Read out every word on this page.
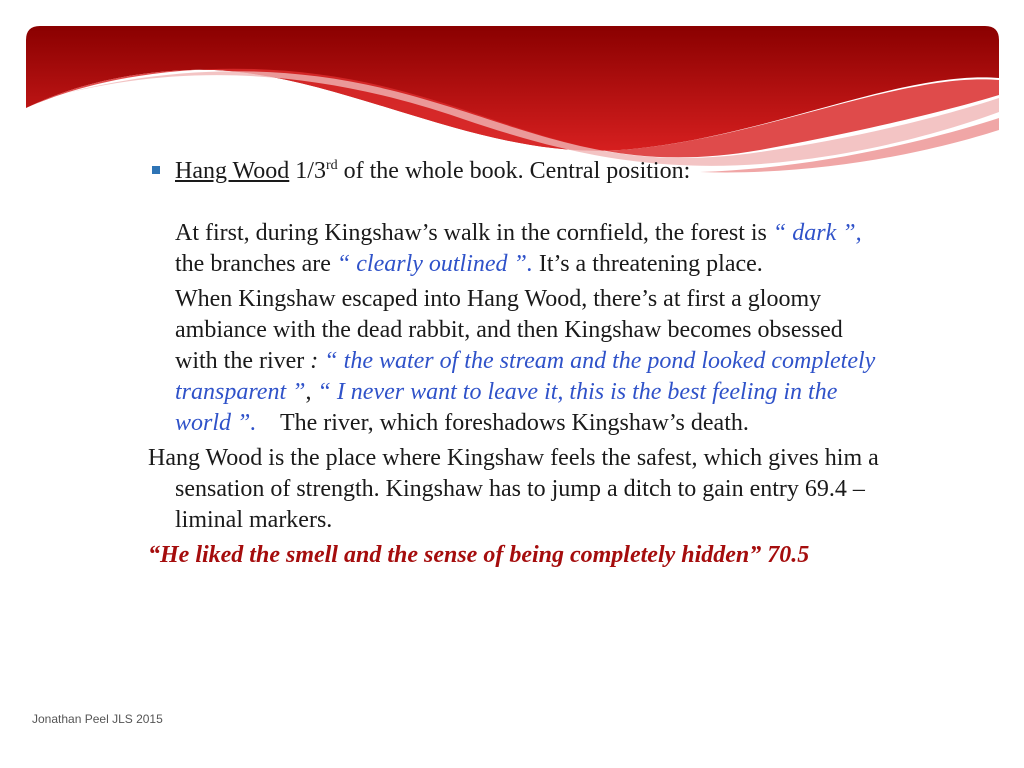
Hang Wood 1/3rd of the whole book. Central position:
At first, during Kingshaw’s walk in the cornfield, the forest is “ dark ”, the branches are “ clearly outlined ”. It’s a threatening place.
When Kingshaw escaped into Hang Wood, there’s at first a gloomy ambiance with the dead rabbit, and then Kingshaw becomes obsessed with the river : “ the water of the stream and the pond looked completely transparent ”, “ I never want to leave it, this is the best feeling in the world ”.    The river, which foreshadows Kingshaw’s death.
Hang Wood is the place where Kingshaw feels the safest, which gives him a sensation of strength. Kingshaw has to jump a ditch to gain entry 69.4 – liminal markers.
“He liked the smell and the sense of being completely hidden” 70.5
Jonathan Peel JLS 2015
